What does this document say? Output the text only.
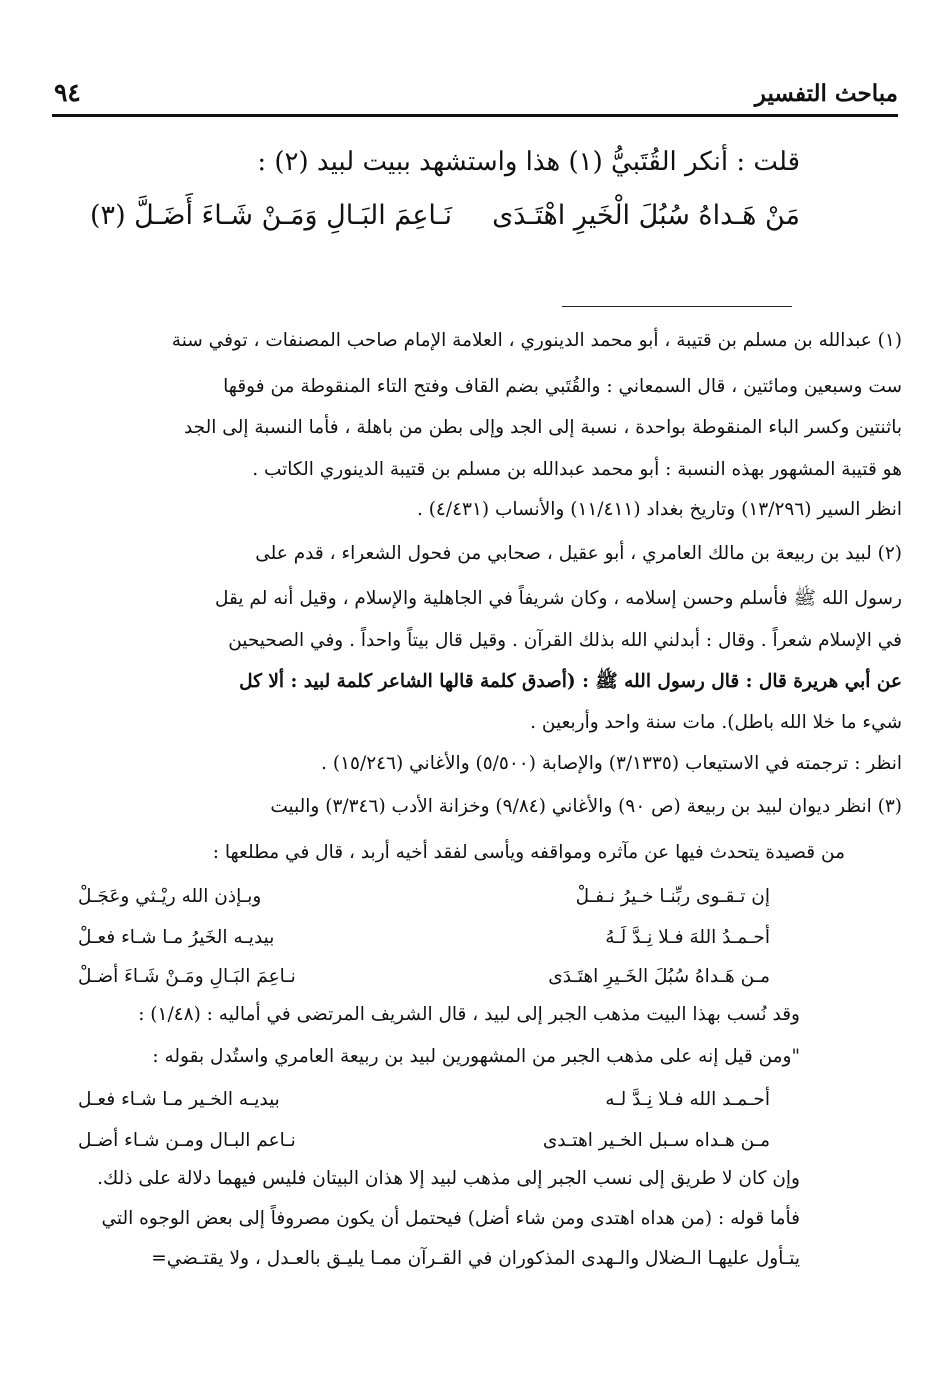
مباحث التفسير
٩٤
قلت : أنكر القُتَبيُّ (١) هذا واستشهد ببيت لبيد (٢) :
مَنْ هَـداهُ سُبُلَ الْخَيرِ اهْتَـدَى
نَـاعِمَ البَـالِ وَمَـنْ شَـاءَ أَضَـلَّ (٣)
(١) عبدالله بن مسلم بن قتيبة ، أبو محمد الدينوري ، العلامة الإمام صاحب المصنفات ، توفي سنة
ست وسبعين ومائتين ، قال السمعاني : والقُتَبي بضم القاف وفتح التاء المنقوطة من فوقها
باثنتين وكسر الباء المنقوطة بواحدة ، نسبة إلى الجد وإلى بطن من باهلة ، فأما النسبة إلى الجد
هو قتيبة المشهور بهذه النسبة : أبو محمد عبدالله بن مسلم بن قتيبة الدينوري الكاتب .
انظر السير (١٣/٢٩٦) وتاريخ بغداد (١١/٤١١) والأنساب (٤/٤٣١) .
(٢) لبيد بن ربيعة بن مالك العامري ، أبو عقيل ، صحابي من فحول الشعراء ، قدم على
رسول الله ﷺ فأسلم وحسن إسلامه ، وكان شريفاً في الجاهلية والإسلام ، وقيل أنه لم يقل
في الإسلام شعراً . وقال : أبدلني الله بذلك القرآن . وقيل قال بيتاً واحداً . وفي الصحيحين
عن أبي هريرة قال : قال رسول الله ﷺ : (أصدق كلمة قالها الشاعر كلمة لبيد : ألا كل
شيء ما خلا الله باطل). مات سنة واحد وأربعين .
انظر : ترجمته في الاستيعاب (٣/١٣٣٥) والإصابة (٥/٥٠٠) والأغاني (١٥/٢٤٦) .
(٣) انظر ديوان لبيد بن ربيعة (ص ٩٠) والأغاني (٩/٨٤) وخزانة الأدب (٣/٣٤٦) والبيت
من قصيدة يتحدث فيها عن مآثره ومواقفه ويأسى لفقد أخيه أربد ، قال في مطلعها :
إن تـقـوى ربِّنـا خـيرُ نـفـلْ
وبـإذن الله ريْـثي وعَجَـلْ
أحـمـدُ اللهَ فـلا نِـدَّ لَـهُ
بيديـه الخَيرُ مـا شـاء فعـلْ
مـن هَـداهُ سُبُلَ الخَـيرِ اهتَـدَى
نـاعِمَ البَـالِ ومَـنْ شَـاءَ أضـلْ
وقد نُسب بهذا البيت مذهب الجبر إلى لبيد ، قال الشريف المرتضى في أماليه : (١/٤٨) :
"ومن قيل إنه على مذهب الجبر من المشهورين لبيد بن ربيعة العامري واستُدل بقوله :
أحـمـد الله فـلا نِـدَّ لـه
بيديـه الخـير مـا شـاء فعـل
مـن هـداه سـبل الخـير اهتـدى
نـاعم البـال ومـن شـاء أضـل
وإن كان لا طريق إلى نسب الجبر إلى مذهب لبيد إلا هذان البيتان فليس فيهما دلالة على ذلك.
فأما قوله : (من هداه اهتدى ومن شاء أضل) فيحتمل أن يكون مصروفاً إلى بعض الوجوه التي
يتـأول عليهـا الـضلال والـهدى المذكوران في القـرآن ممـا يليـق بالعـدل ، ولا يقتـضي=
